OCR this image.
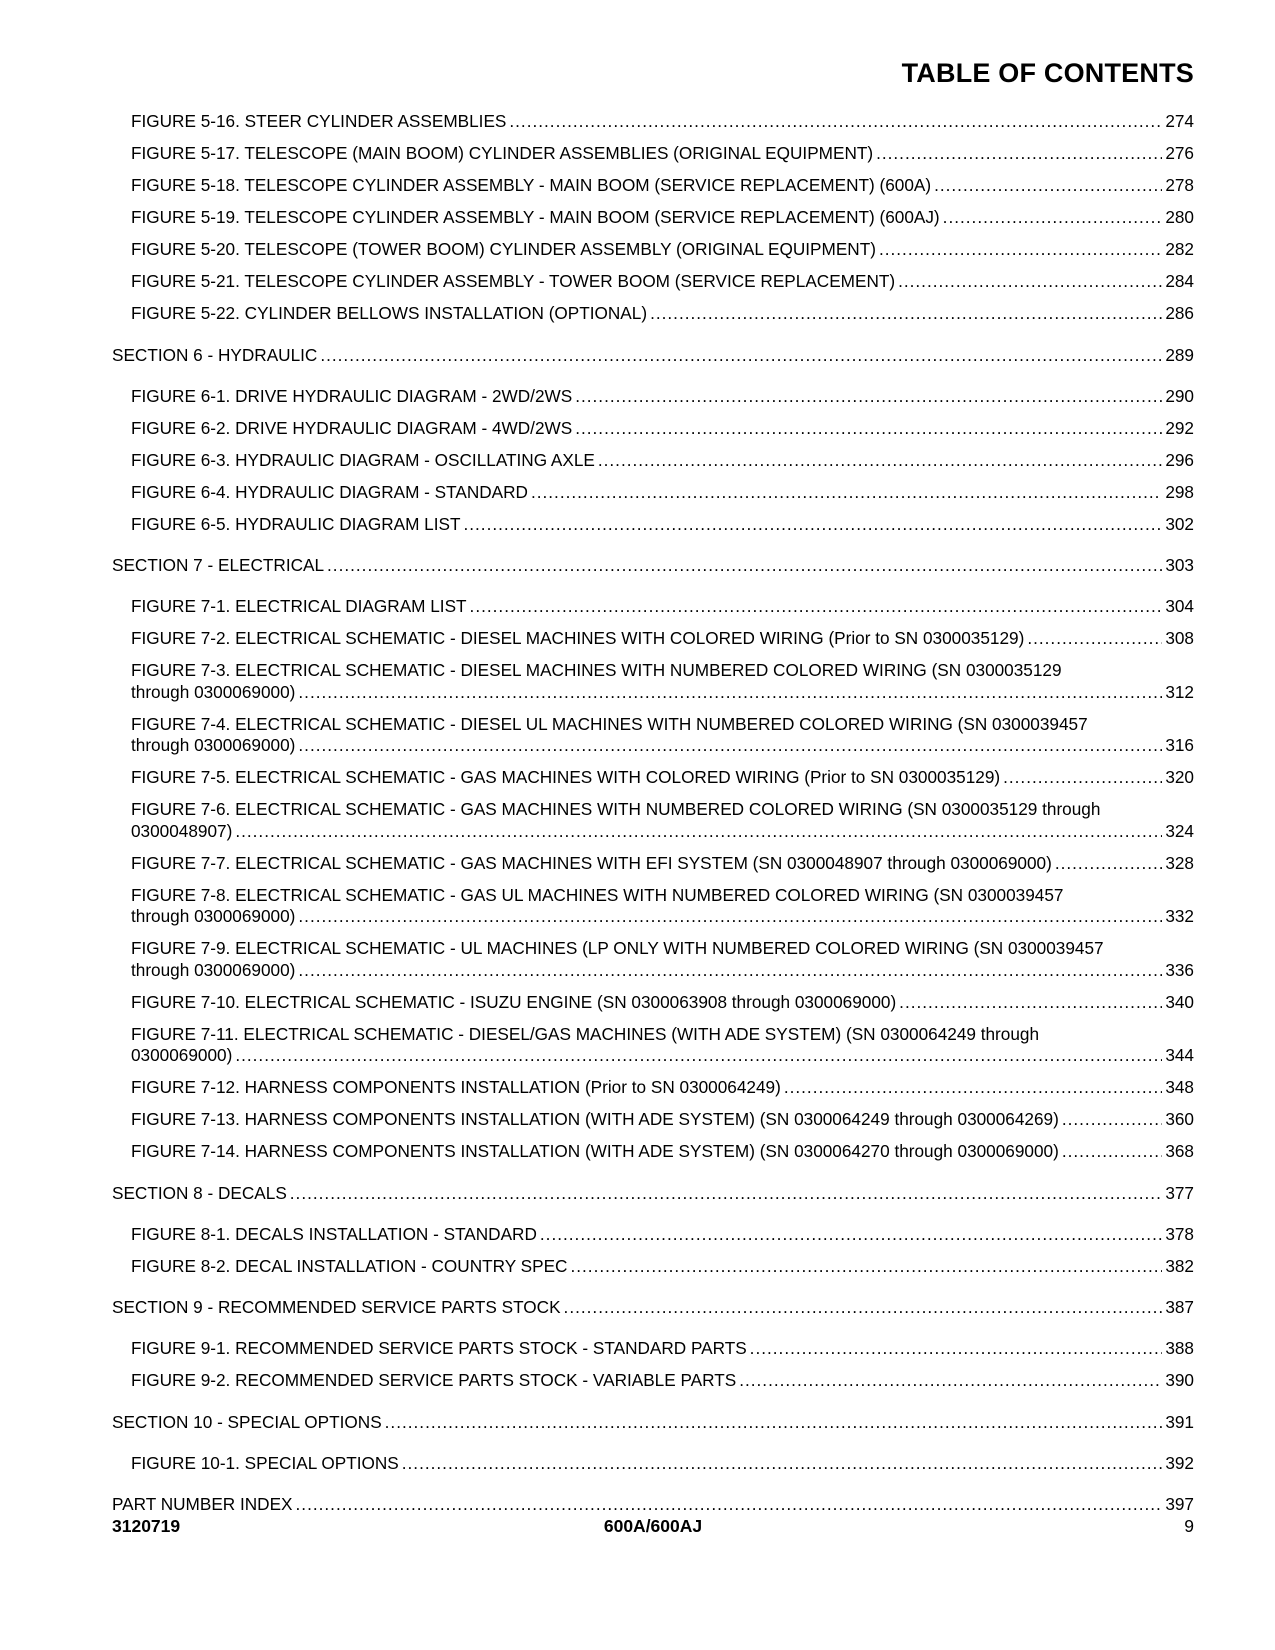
TABLE OF CONTENTS
FIGURE 5-16. STEER CYLINDER ASSEMBLIES .....	274
FIGURE 5-17. TELESCOPE (MAIN BOOM) CYLINDER ASSEMBLIES (ORIGINAL EQUIPMENT) .....	276
FIGURE 5-18. TELESCOPE CYLINDER ASSEMBLY - MAIN BOOM (SERVICE REPLACEMENT) (600A) .....	278
FIGURE 5-19. TELESCOPE CYLINDER ASSEMBLY - MAIN BOOM (SERVICE REPLACEMENT) (600AJ) .....	280
FIGURE 5-20. TELESCOPE (TOWER BOOM) CYLINDER ASSEMBLY (ORIGINAL EQUIPMENT) .....	282
FIGURE 5-21. TELESCOPE CYLINDER ASSEMBLY - TOWER BOOM (SERVICE REPLACEMENT) .....	284
FIGURE 5-22. CYLINDER BELLOWS INSTALLATION (OPTIONAL) .....	286
SECTION 6 - HYDRAULIC .....	289
FIGURE 6-1. DRIVE HYDRAULIC DIAGRAM - 2WD/2WS .....	290
FIGURE 6-2. DRIVE HYDRAULIC DIAGRAM - 4WD/2WS .....	292
FIGURE 6-3. HYDRAULIC DIAGRAM - OSCILLATING AXLE .....	296
FIGURE 6-4. HYDRAULIC DIAGRAM - STANDARD .....	298
FIGURE 6-5. HYDRAULIC DIAGRAM LIST .....	302
SECTION 7 - ELECTRICAL .....	303
FIGURE 7-1. ELECTRICAL DIAGRAM LIST .....	304
FIGURE 7-2. ELECTRICAL SCHEMATIC - DIESEL MACHINES WITH COLORED WIRING (Prior to SN 0300035129) .....	308
FIGURE 7-3. ELECTRICAL SCHEMATIC - DIESEL MACHINES WITH NUMBERED COLORED WIRING (SN 0300035129
through 0300069000) .....	312
FIGURE 7-4. ELECTRICAL SCHEMATIC - DIESEL UL MACHINES WITH NUMBERED COLORED WIRING (SN 0300039457
through 0300069000) .....	316
FIGURE 7-5. ELECTRICAL SCHEMATIC - GAS MACHINES WITH COLORED WIRING (Prior to SN 0300035129) .....	320
FIGURE 7-6. ELECTRICAL SCHEMATIC - GAS MACHINES WITH NUMBERED COLORED WIRING (SN 0300035129 through
0300048907) .....	324
FIGURE 7-7. ELECTRICAL SCHEMATIC - GAS MACHINES WITH EFI SYSTEM (SN 0300048907 through 0300069000) .....	328
FIGURE 7-8. ELECTRICAL SCHEMATIC - GAS UL MACHINES WITH NUMBERED COLORED WIRING (SN 0300039457
through 0300069000) .....	332
FIGURE 7-9. ELECTRICAL SCHEMATIC - UL MACHINES (LP ONLY WITH NUMBERED COLORED WIRING (SN 0300039457
through 0300069000) .....	336
FIGURE 7-10. ELECTRICAL SCHEMATIC - ISUZU ENGINE (SN 0300063908 through 0300069000) .....	340
FIGURE 7-11. ELECTRICAL SCHEMATIC - DIESEL/GAS MACHINES (WITH ADE SYSTEM) (SN 0300064249 through
0300069000) .....	344
FIGURE 7-12. HARNESS COMPONENTS INSTALLATION (Prior to SN 0300064249) .....	348
FIGURE 7-13. HARNESS COMPONENTS INSTALLATION (WITH ADE SYSTEM) (SN 0300064249 through 0300064269) .....	360
FIGURE 7-14. HARNESS COMPONENTS INSTALLATION (WITH ADE SYSTEM) (SN 0300064270 through 0300069000) .....	368
SECTION 8 - DECALS .....	377
FIGURE 8-1. DECALS INSTALLATION - STANDARD .....	378
FIGURE 8-2. DECAL INSTALLATION - COUNTRY SPEC .....	382
SECTION 9 - RECOMMENDED SERVICE PARTS STOCK .....	387
FIGURE 9-1. RECOMMENDED SERVICE PARTS STOCK - STANDARD PARTS .....	388
FIGURE 9-2. RECOMMENDED SERVICE PARTS STOCK - VARIABLE PARTS .....	390
SECTION 10 - SPECIAL OPTIONS .....	391
FIGURE 10-1. SPECIAL OPTIONS .....	392
PART NUMBER INDEX .....	397
3120719	600A/600AJ	9
